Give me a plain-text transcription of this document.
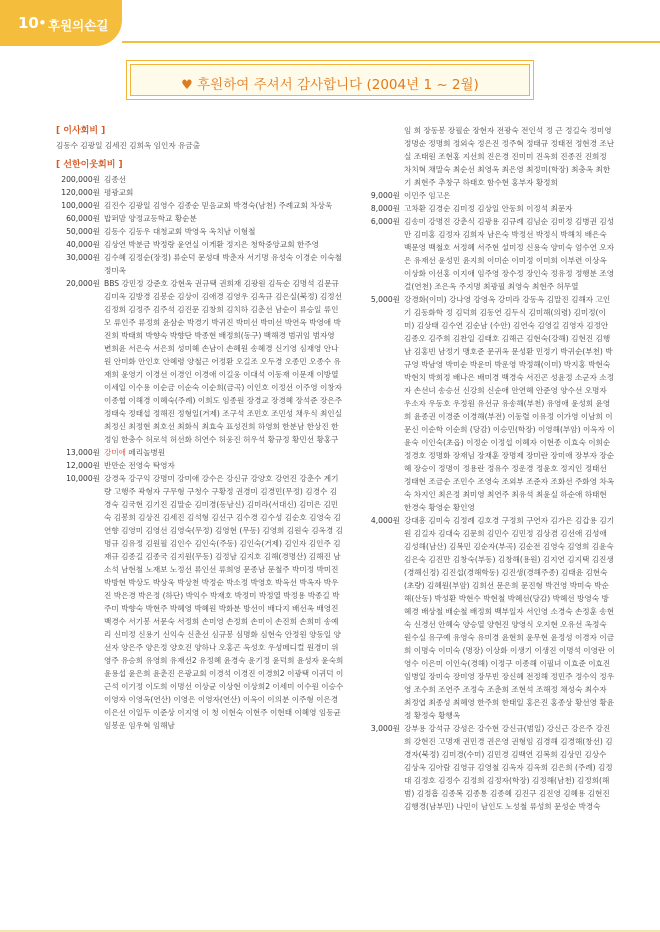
10 • 후원의손길
♥ 후원하여 주셔서 감사합니다 (2004년 1 ~ 2월)
[ 이사회비 ]
김동수 김광일 김세진 김희옥 임인자 유금출
[ 선한이웃회비 ]
200,000원 김종선
120,000원 평광교회
100,000원 김진수 김광일 김영수 김종순 믿음교회 박경숙(남천) 주례교회 차상욱
60,000원 밥퍼맘 양정교등학교 황순분
50,000원 김동수 김동우 대청교회 박영옥 옥치남 이형철
40,000원 김상연 박분금 박정랑 윤연실 이게환 정지은 청학중앙교회 한주영
30,000원 김수혜 김정순(장정) 류순덕 문성대 박춘자 서기명 유성숙 이경순 이숙철 정미옥
20,000원 BBS 강민정 강준호 강현옥 권규택 권희재 김광원 김득순 김명석 김문규 김미옥 김방경 김봉순 김상이 김애경 김영우 김옥규 김은실(북정) 김정선 김정희 김정주 김주석 김진문 김창희 김치하 김춘선 남순이 류승일 류인모 류인주 류정희 윤삼순 박경기 박귀진 박미선 박미선 박연옥 박영애 박진희 박태희 박향숙 박향단 박종현 배정희(동구) 백해경 범귀임 범자영 변희윤 서은숙 서은희 성미혜 손남이 손혜원 송혜경 신기영 심재영 안나원 안미화 안인호 안혜령 양철근 어정환 오길조 오두경 오종민 오종수 유재희 윤영기 이경선 이경인 이경애 이길웅 이대석 이동재 이문재 이방열 이세일 이수용 이순금 이순숙 이순희(금곡) 이인호 이정선 이주영 이창자 이종협 이해경 이혜숙(주례) 이희도 임종원 장경교 장경혜 장석준 장은주 정태숙 정태섭 정해진 정형일(거제) 조구석 조민호 조민성 채우식 최인실 최정신 최정현 최호선 최화식 최효숙 표성진희 하영희 한분남 한상진 한정임 한충수 허로석 허선화 허연수 허웅진 허우석 황규정 황민선 황홍구
13,000원 강미애 페리놀병원
12,000원 반만순 전영숙 탁영자
10,000원 강경옥 강구익 강명미 강미애 강수은 강신규 강양호 강연진 강춘수 계기량 고행주 곽형자 구무형 구청수 구황정 권경미 김경민(무정) 김경수 김경숙 김국현 김기진 김말순 김미경(동남신) 김미라(서대신) 김미은 김민숙 김봉희 김상진 김세진 김석형 김선구 김수경 김수성 김순호 김영숙 김연향 김영미 김영선 김영숙(무정) 김영현 (무동) 김영희 김원숙 김옥경 김명규 김유정 김원필 김인수 김인숙(주동) 김인숙(거제) 김인자 김인주 김재규 김종길 김종국 김지원(무동) 김정남 김지호 김해(경명산) 김해진 남소석 남현철 노재보 노정선 류인선 류희영 문종남 문철주 박미정 박미진 박방현 박상도 박상욱 박상천 박정순 박소정 박영호 박옥선 박옥자 박우진 박은경 박은정 (하단) 박익수 박재호 박정미 박정열 박정용 박종길 박주미 박향숙 박현주 박혜영 박혜원 박화분 방선이 배다지 배선옥 배영진 백경수 서기봉 서문숙 서정희 손미영 손정희 손미이 손진희 손희미 송예리 신미정 신용기 신익숙 신춘선 심규봉 심명화 심현숙 안정원 양동일 양선자 양은주 양은정 양호진 양하나 오홍곤 옥성호 우성메디컬 원경미 위영주 유승희 유영희 유재선2 유정혜 윤경숙 윤기정 윤덕희 윤성자 윤숙희 윤용섭 윤은희 윤춘진 은광교회 이경석 이경진 이경희2 이광택 이귀덕 이근석 이기정 이도희 이명선 이상균 이상현 이상희2 이세미 이수원 이승수 이영자 이영옥(연산) 이영은 이영자(연산) 이옥이 이의분 이주형 이은경 이은선 이일두 이준상 이지영 이 청 이현숙 이현주 이현태 이혜영 임동균 임봉운 임우혁 임해남
임 희 장동봉 장필순 장현자 전광숙 전인석 정 근 정길숙 정미영 정명순 정명희 정외숙 정은진 정주혁 정태규 정태전 정현경 조난실 조태원 조현홍 지선희 진은경 진미미 진옥희 진종진 진희정 차치혁 채말숙 최순선 최영옥 최은영 최정미(학장) 최충옥 최한기 최현주 추창구 하태호 함수현 홍부자 황정희
9,000원 이민주 임고은
8,000원 고차환 김경순 김미정 김상일 안동희 이정석 최문자
6,000원 김송미 강명진 강춘식 김광용 김규례 김님순 김미정 김병권 김성만 김미홍 김정자 김희자 남은숙 박정선 박정식 박해치 배은숙 백문영 백철호 서정혜 서주현 설미정 신용숙 양미숙 엄수연 오자은 유재선 윤성민 윤지희 이미순 이미정 이미희 이부련 이상옥 이상화 이선홍 이지애 임주영 장수정 장인숙 정유정 정행분 조영걸(연천) 조은옥 주지명 최광필 최영숙 최현주 허무열
5,000원 강경화(이미) 강나영 강영옥 강미라 강동옥 김말진 김해자 고인기 김동화학 정 김덕희 김동연 김두식 김미해(의령) 김미정(이미) 김상태 김수연 김순남 (수안) 김연숙 김영길 김영자 김정안 김종오 김주희 김찬일 김태호 김해근 김현숙(강해) 김현진 김행남 김홍빈 남정기 맹호준 문귀옥 문성환 민정기 박귀순(부천) 박규영 박남영 박미순 박운미 박운영 박정해(이미) 박지홍 박현숙 박현치 박희정 배나은 배미경 백경숙 서진곤 성윤정 소군자 소정자 손선녀 송승선 신강희 신순애 안연혜 안준영 양수선 오명자 우소자 우동호 우정원 유선규 유송해(부천) 유영애 윤성희 윤영희 윤종권 이경준 이경해(부전) 이동렬 이유정 이가영 이남희 이문신 이순학 이순희 (당감) 이승민(학장) 이영해(부암) 이옥자 이윤숙 이인숙(초읍) 이정순 이정섭 이혜자 이현종 이효숙 이희순 정경호 정명화 장재님 장재훈 장명제 장미란 장미애 장부자 장순혜 장승이 정명이 정용란 정유수 정운경 정윤호 정지인 정태선 정태현 조금순 조민수 조영숙 조외부 조준자 조화선 주화영 차옥숙 차지인 최은정 최미영 최연주 최유석 최윤실 하순애 하태현 한경숙 황영순 황인영
4,000원 강대흥 김미숙 김정례 김호경 구정희 구연자 김가은 김갑용 김기원 김길자 김대숙 김문희 김민수 김민정 김상겸 김선애 김성애 김성해(남산) 김복민 김순자(부곡) 김순전 김영숙 김영희 김윤숙 김은숙 김진만 김창숙(부동) 김창해(용원) 김지연 김지택 김진생(경해신정) 김진섭(경해학동) 김진생(경해주종) 김태윤 김현숙(초량) 김혜원(부암) 김희선 문은희 문진형 박건영 박미숙 박순해(산동) 박성환 박현수 박현철 박혜선(당감) 박혜선 방영숙 방혜경 배상철 배순철 배정희 백부일자 서인영 소경숙 손정훈 송현숙 신경선 안혜숙 양승열 양현진 양영식 오지현 오유선 옥정숙 원수실 유구예 유영숙 유미경 윤현희 윤무현 윤정성 이경자 이금희 이명숙 이미숙 (명장) 이상화 이생기 이생진 이명석 이영란 이영수 이은미 이인숙(경해) 이정구 이종해 이필녀 이효준 이효진 임병일 장미숙 장미영 장무빈 장신혜 전정해 정민주 정수익 정우영 조수희 조연주 조정숙 조춘희 조현석 조해정 채성숙 최수자 최정엽 최종성 최혜영 한주희 한태일 홍은진 홍종상 황선영 황윤정 황정숙 황행옥
3,000원 강부용 강석규 강성은 강수현 강신규(범일) 강신근 강은주 강진희 강현진 고명재 권민경 권은영 권형임 김경해 김경해(창선) 김경자(북정) 김미경(수미) 김민경 김백연 김복희 김상민 김상수 김상옥 김아람 김영규 김영철 김옥자 김옥희 김은희 (주례) 김정대 김정호 김정수 김정희 김정자(학장) 김정해(남천) 김정희(해범) 김정흠 김종복 김종통 김종혜 김진구 김진영 김혜용 김현진 김행경(남부민) 나민이 남인도 노성철 류성희 문성순 박경숙
